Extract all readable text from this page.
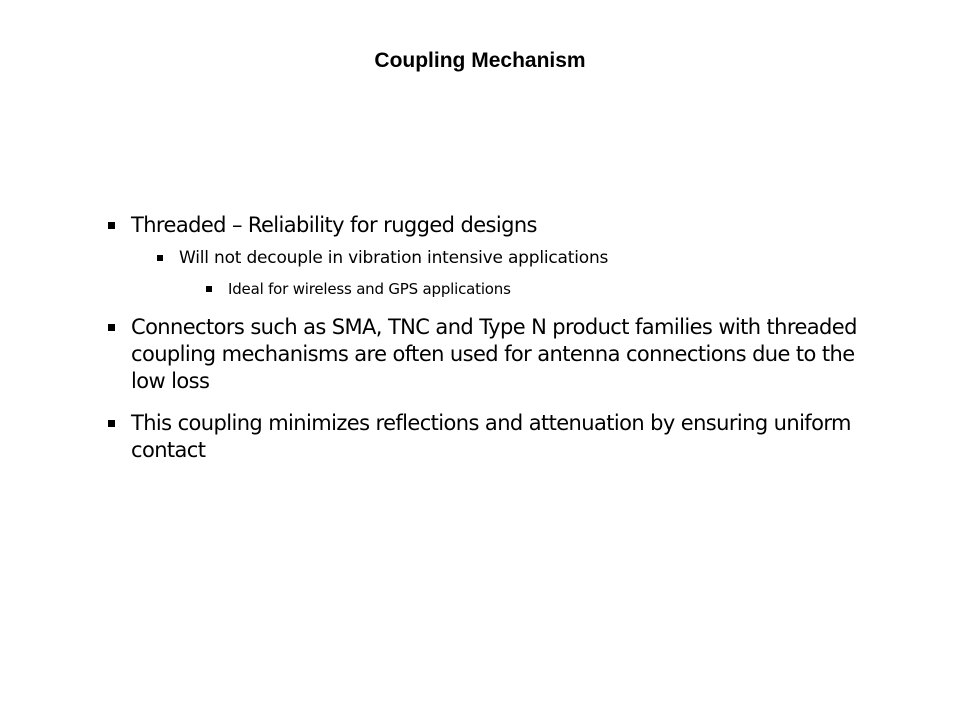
Coupling Mechanism
Threaded – Reliability for rugged designs
Will not decouple in vibration intensive applications
Ideal for wireless and GPS applications
Connectors such as SMA, TNC and Type N product families with threaded coupling mechanisms are often used for antenna connections due to the low loss
This coupling minimizes reflections and attenuation by ensuring uniform contact
